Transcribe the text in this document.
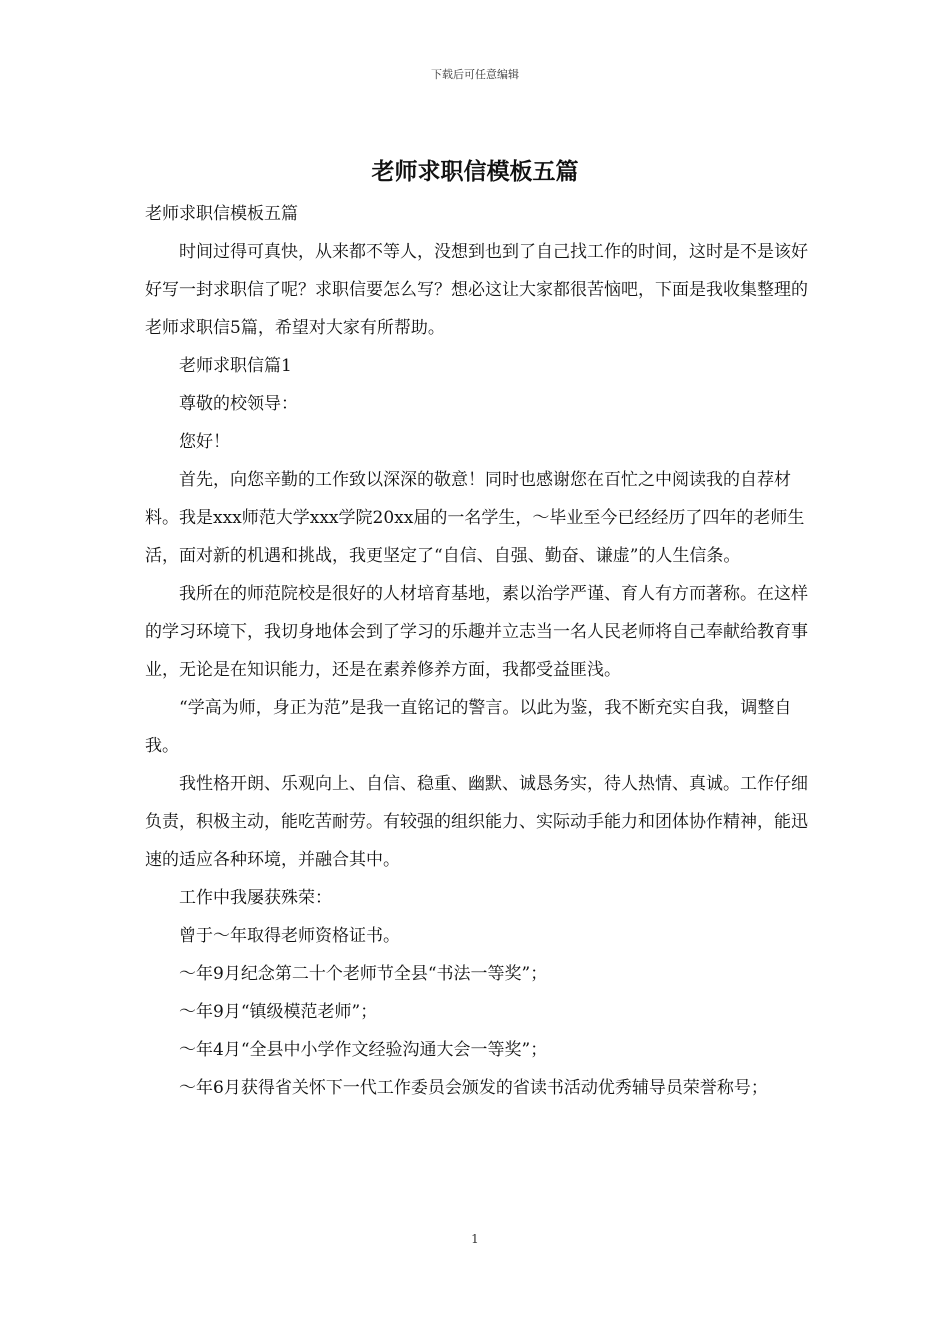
下载后可任意编辑
老师求职信模板五篇

老师求职信模板五篇

时间过得可真快，从来都不等人，没想到也到了自己找工作的时间，这时是不是该好好写一封求职信了呢？求职信要怎么写？想必这让大家都很苦恼吧，下面是我收集整理的老师求职信5篇，希望对大家有所帮助。

老师求职信篇1

尊敬的校领导：

您好！

首先，向您辛勤的工作致以深深的敬意！同时也感谢您在百忙之中阅读我的自荐材料。我是xxx师范大学xxx学院20xx届的一名学生，～毕业至今已经经历了四年的老师生活，面对新的机遇和挑战，我更坚定了“自信、自强、勤奋、谦虚”的人生信条。

我所在的师范院校是很好的人材培育基地，素以治学严谨、育人有方而著称。在这样的学习环境下，我切身地体会到了学习的乐趣并立志当一名人民老师将自己奉献给教育事业，无论是在知识能力，还是在素养修养方面，我都受益匪浅。

“学高为师，身正为范”是我一直铭记的警言。以此为鉴，我不断充实自我，调整自我。

我性格开朗、乐观向上、自信、稳重、幽默、诚恳务实，待人热情、真诚。工作仔细负责，积极主动，能吃苦耐劳。有较强的组织能力、实际动手能力和团体协作精神，能迅速的适应各种环境，并融合其中。

工作中我屡获殊荣：

曾于～年取得老师资格证书。

～年9月纪念第二十个老师节全县“书法一等奖”；

～年9月“镇级模范老师”；

～年4月“全县中小学作文经验沟通大会一等奖”；

～年6月获得省关怀下一代工作委员会颁发的省读书活动优秀辅导员荣誉称号；

1
